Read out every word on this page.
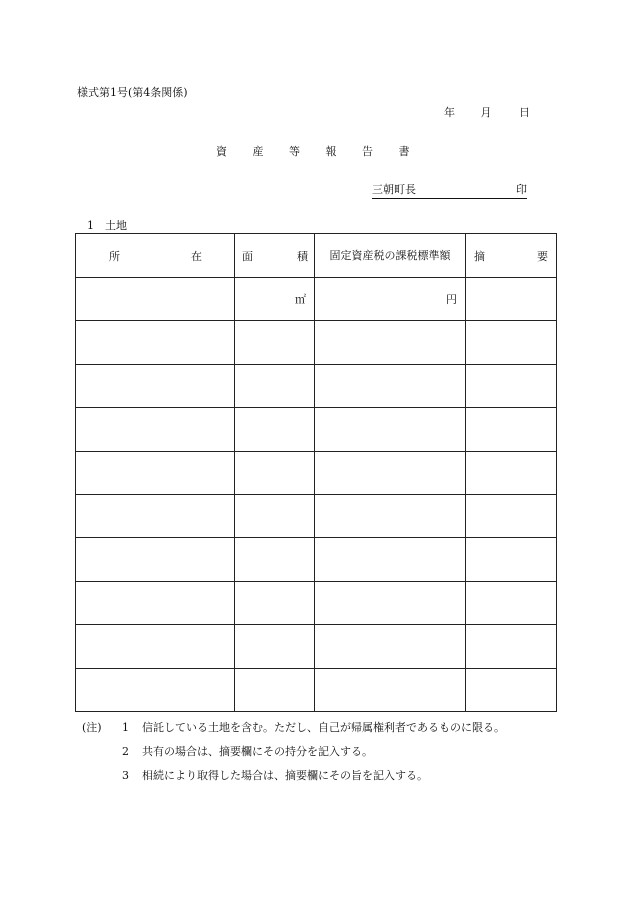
様式第1号(第4条関係)
年 月	日
資 産 等 報 告 書
三朝町長	印
1　土地
所 在	面 積	固定資産税の課税標準額	摘 要

	㎡	円	

(注) 1 信託している土地を含む。ただし、自己が帰属権利者であるものに限る。
2 共有の場合は、摘要欄にその持分を記入する。
3 相続により取得した場合は、摘要欄にその旨を記入する。
